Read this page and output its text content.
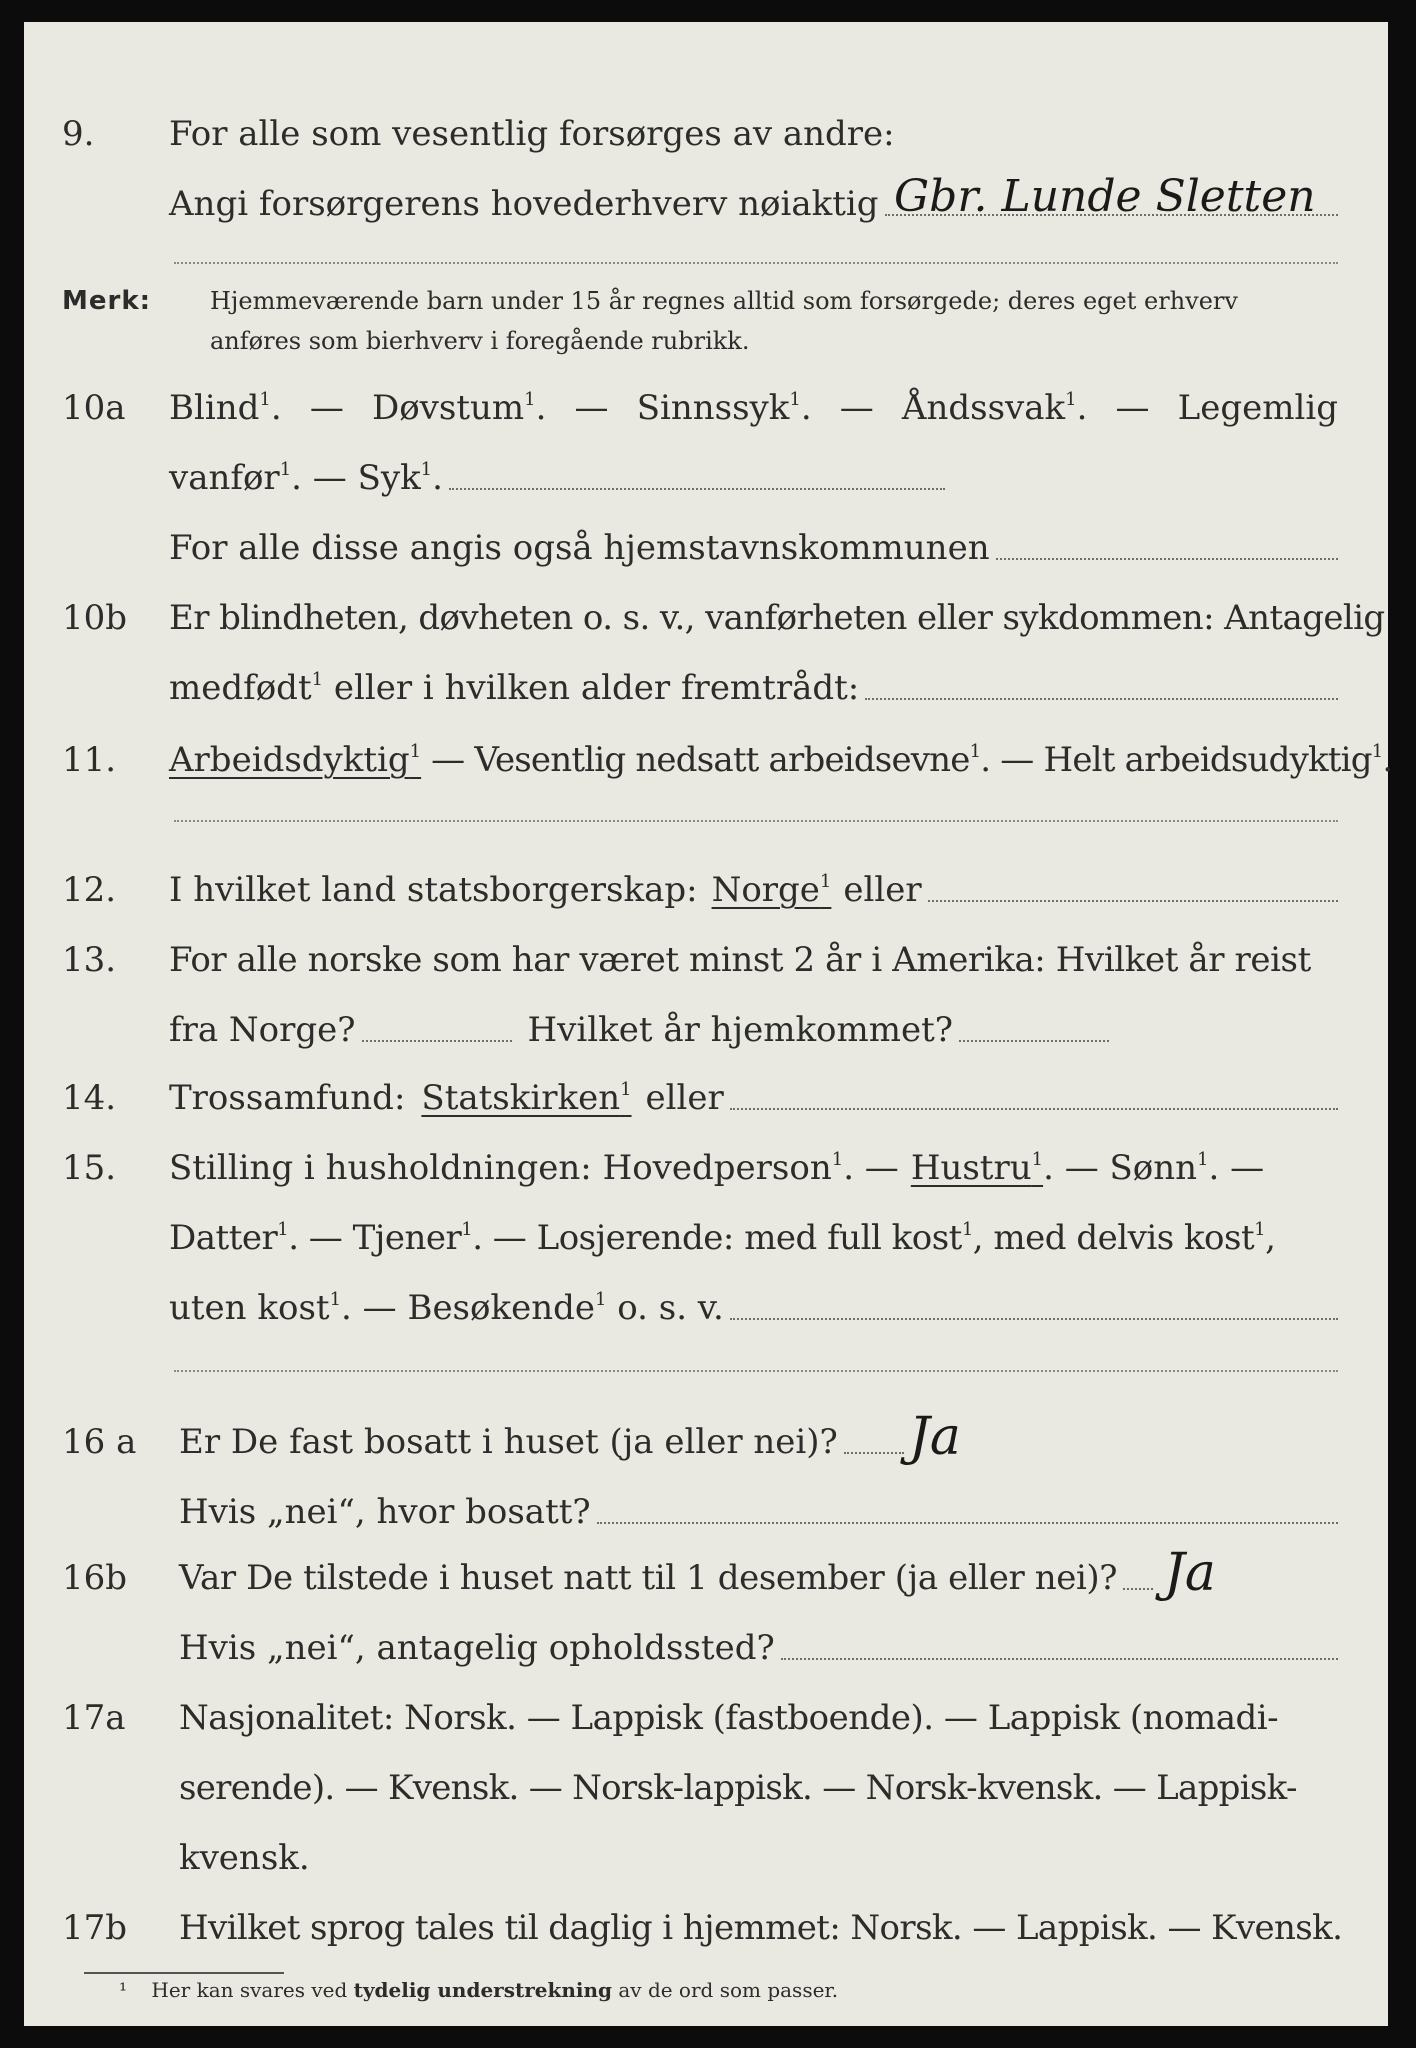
9.	For alle som vesentlig forsørges av andre:
Angi forsørgerens hovederhverv nøiaktig Gbr. Lunde Sletten
Merk:	Hjemmeværende barn under 15 år regnes alltid som forsørgede; deres eget erhverv
anføres som bierhverv i foregående rubrikk.
10a	Blind$^1$. — Døvstum$^1$. — Sinnssyk$^1$. — Åndssvak$^1$. — Legemlig
vanfør$^1$. — Syk$^1$.
For alle disse angis også hjemstavnskommunen
10b	Er blindheten, døvheten o. s. v., vanførheten eller sykdommen: Antagelig
medfødt$^1$ eller i hvilken alder fremtrådt:
11.	Arbeidsdyktig$^1$ — Vesentlig nedsatt arbeidsevne$^1$. — Helt arbeidsudyktig$^1$.
12.	I hvilket land statsborgerskap: Norge$^1$ eller
13.	For alle norske som har været minst 2 år i Amerika: Hvilket år reist
fra Norge?	Hvilket år hjemkommet?
14.	Trossamfund: Statskirken$^1$ eller
15.	Stilling i husholdningen: Hovedperson$^1$. — Hustru$^1$ . — Sønn$^1$. —
Datter$^1$. — Tjener$^1$. — Losjerende: med full kost$^1$, med delvis kost$^1$,
uten kost$^1$. — Besøkende$^1$ o. s. v.
16 a	Er De fast bosatt i huset (ja eller nei)? Ja
Hvis „nei“, hvor bosatt?
16b	Var De tilstede i huset natt til 1 desember (ja eller nei)? Ja
Hvis „nei“, antagelig opholdssted?
17a	Nasjonalitet: Norsk. — Lappisk (fastboende). — Lappisk (nomadi-
serende). — Kvensk. — Norsk-lappisk. — Norsk-kvensk. — Lappisk-
kvensk.
17b	Hvilket sprog tales til daglig i hjemmet: Norsk. — Lappisk. — Kvensk.
¹ Her kan svares ved tydelig understrekning av de ord som passer.
